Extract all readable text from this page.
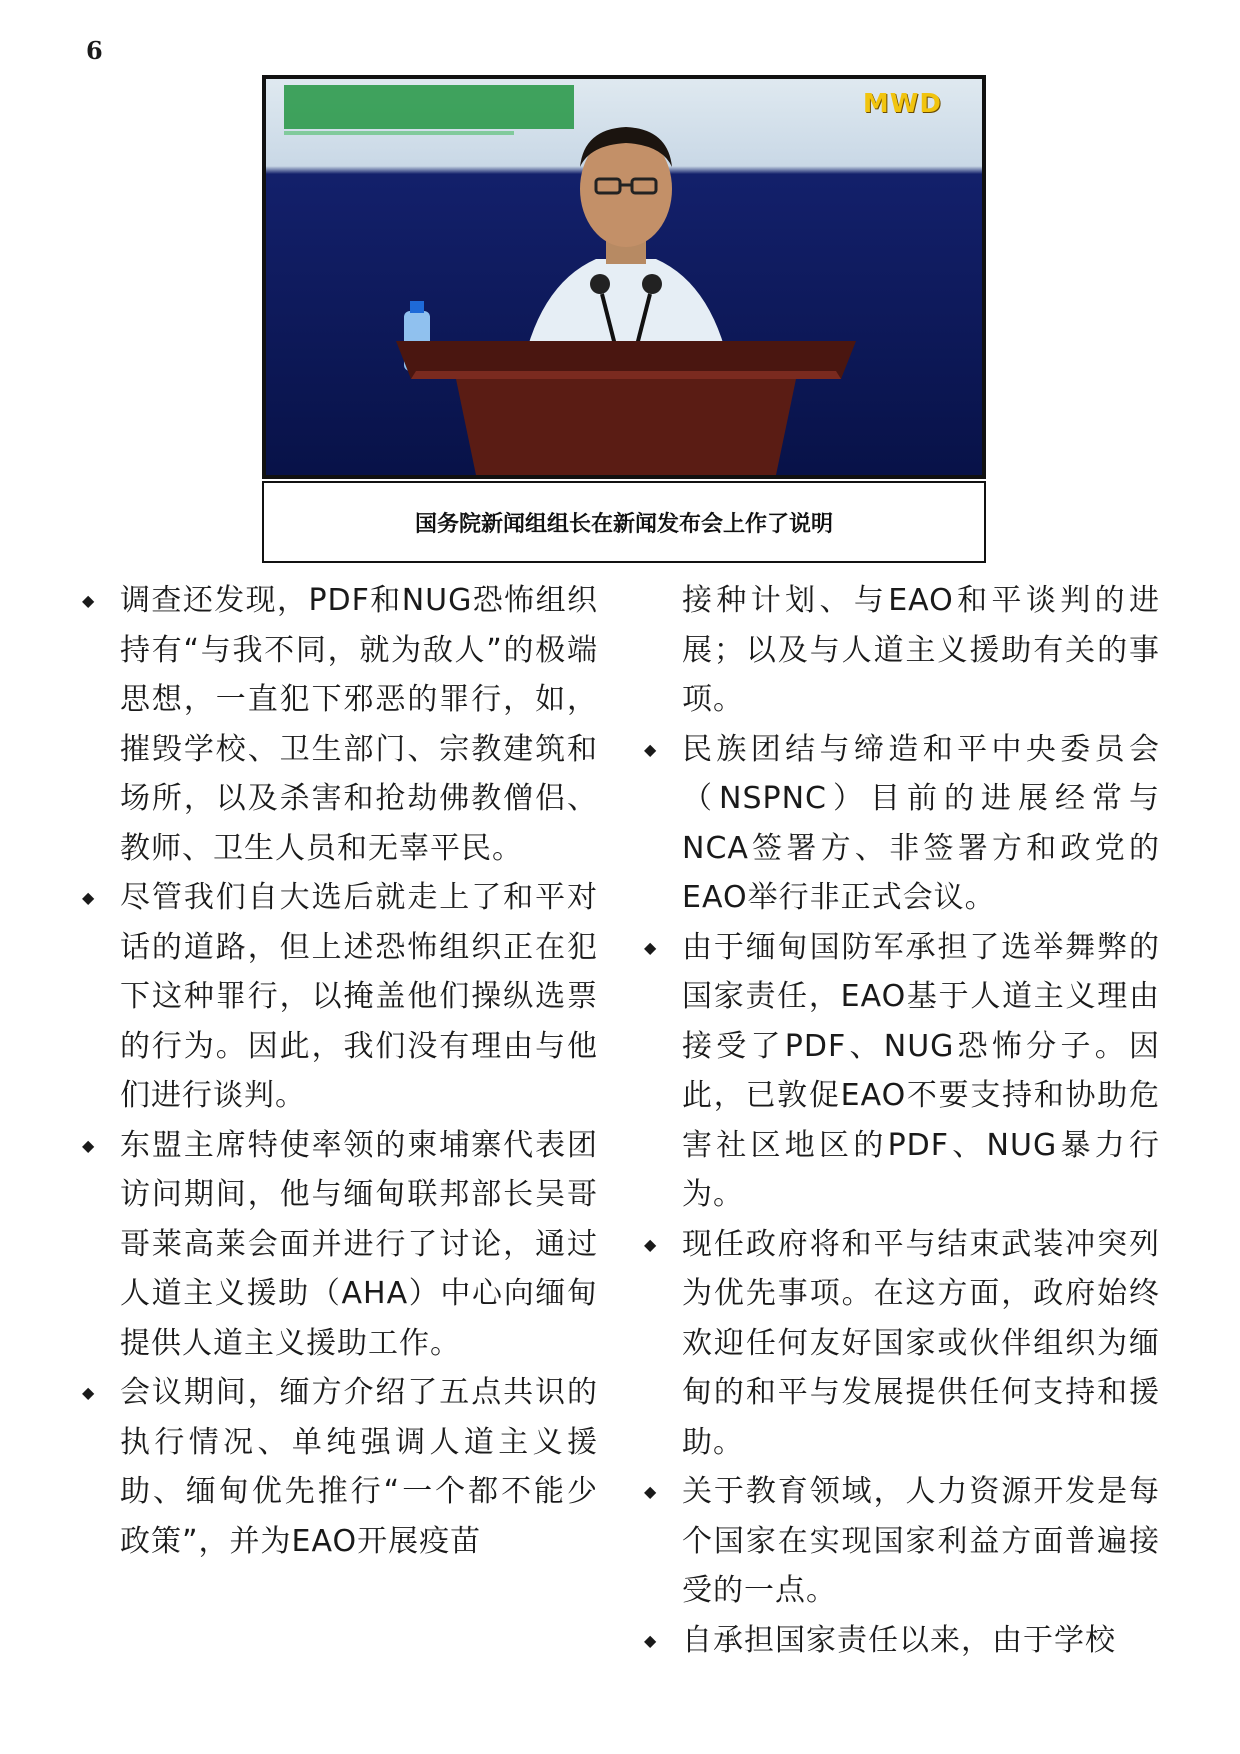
6
MWD
国务院新闻组组长在新闻发布会上作了说明
◆ 调查还发现，PDF和NUG恐怖组织持有“与我不同，就为敌人”的极端思想，一直犯下邪恶的罪行，如，摧毁学校、卫生部门、宗教建筑和场所，以及杀害和抢劫佛教僧侣、教师、卫生人员和无辜平民。
◆ 尽管我们自大选后就走上了和平对话的道路，但上述恐怖组织正在犯下这种罪行，以掩盖他们操纵选票的行为。因此，我们没有理由与他们进行谈判。
◆ 东盟主席特使率领的柬埔寨代表团访问期间，他与缅甸联邦部长吴哥哥莱高莱会面并进行了讨论，通过人道主义援助（AHA）中心向缅甸提供人道主义援助工作。
◆ 会议期间，缅方介绍了五点共识的执行情况、单纯强调人道主义援助、缅甸优先推行“一个都不能少政策”，并为EAO开展疫苗
接种计划、与EAO和平谈判的进展；以及与人道主义援助有关的事项。
◆ 民族团结与缔造和平中央委员会（NSPNC）目前的进展经常与NCA签署方、非签署方和政党的EAO举行非正式会议。
◆ 由于缅甸国防军承担了选举舞弊的国家责任，EAO基于人道主义理由接受了PDF、NUG恐怖分子。因此，已敦促EAO不要支持和协助危害社区地区的PDF、NUG暴力行为。
◆ 现任政府将和平与结束武装冲突列为优先事项。在这方面，政府始终欢迎任何友好国家或伙伴组织为缅甸的和平与发展提供任何支持和援助。
◆ 关于教育领域，人力资源开发是每个国家在实现国家利益方面普遍接受的一点。
◆ 自承担国家责任以来，由于学校
